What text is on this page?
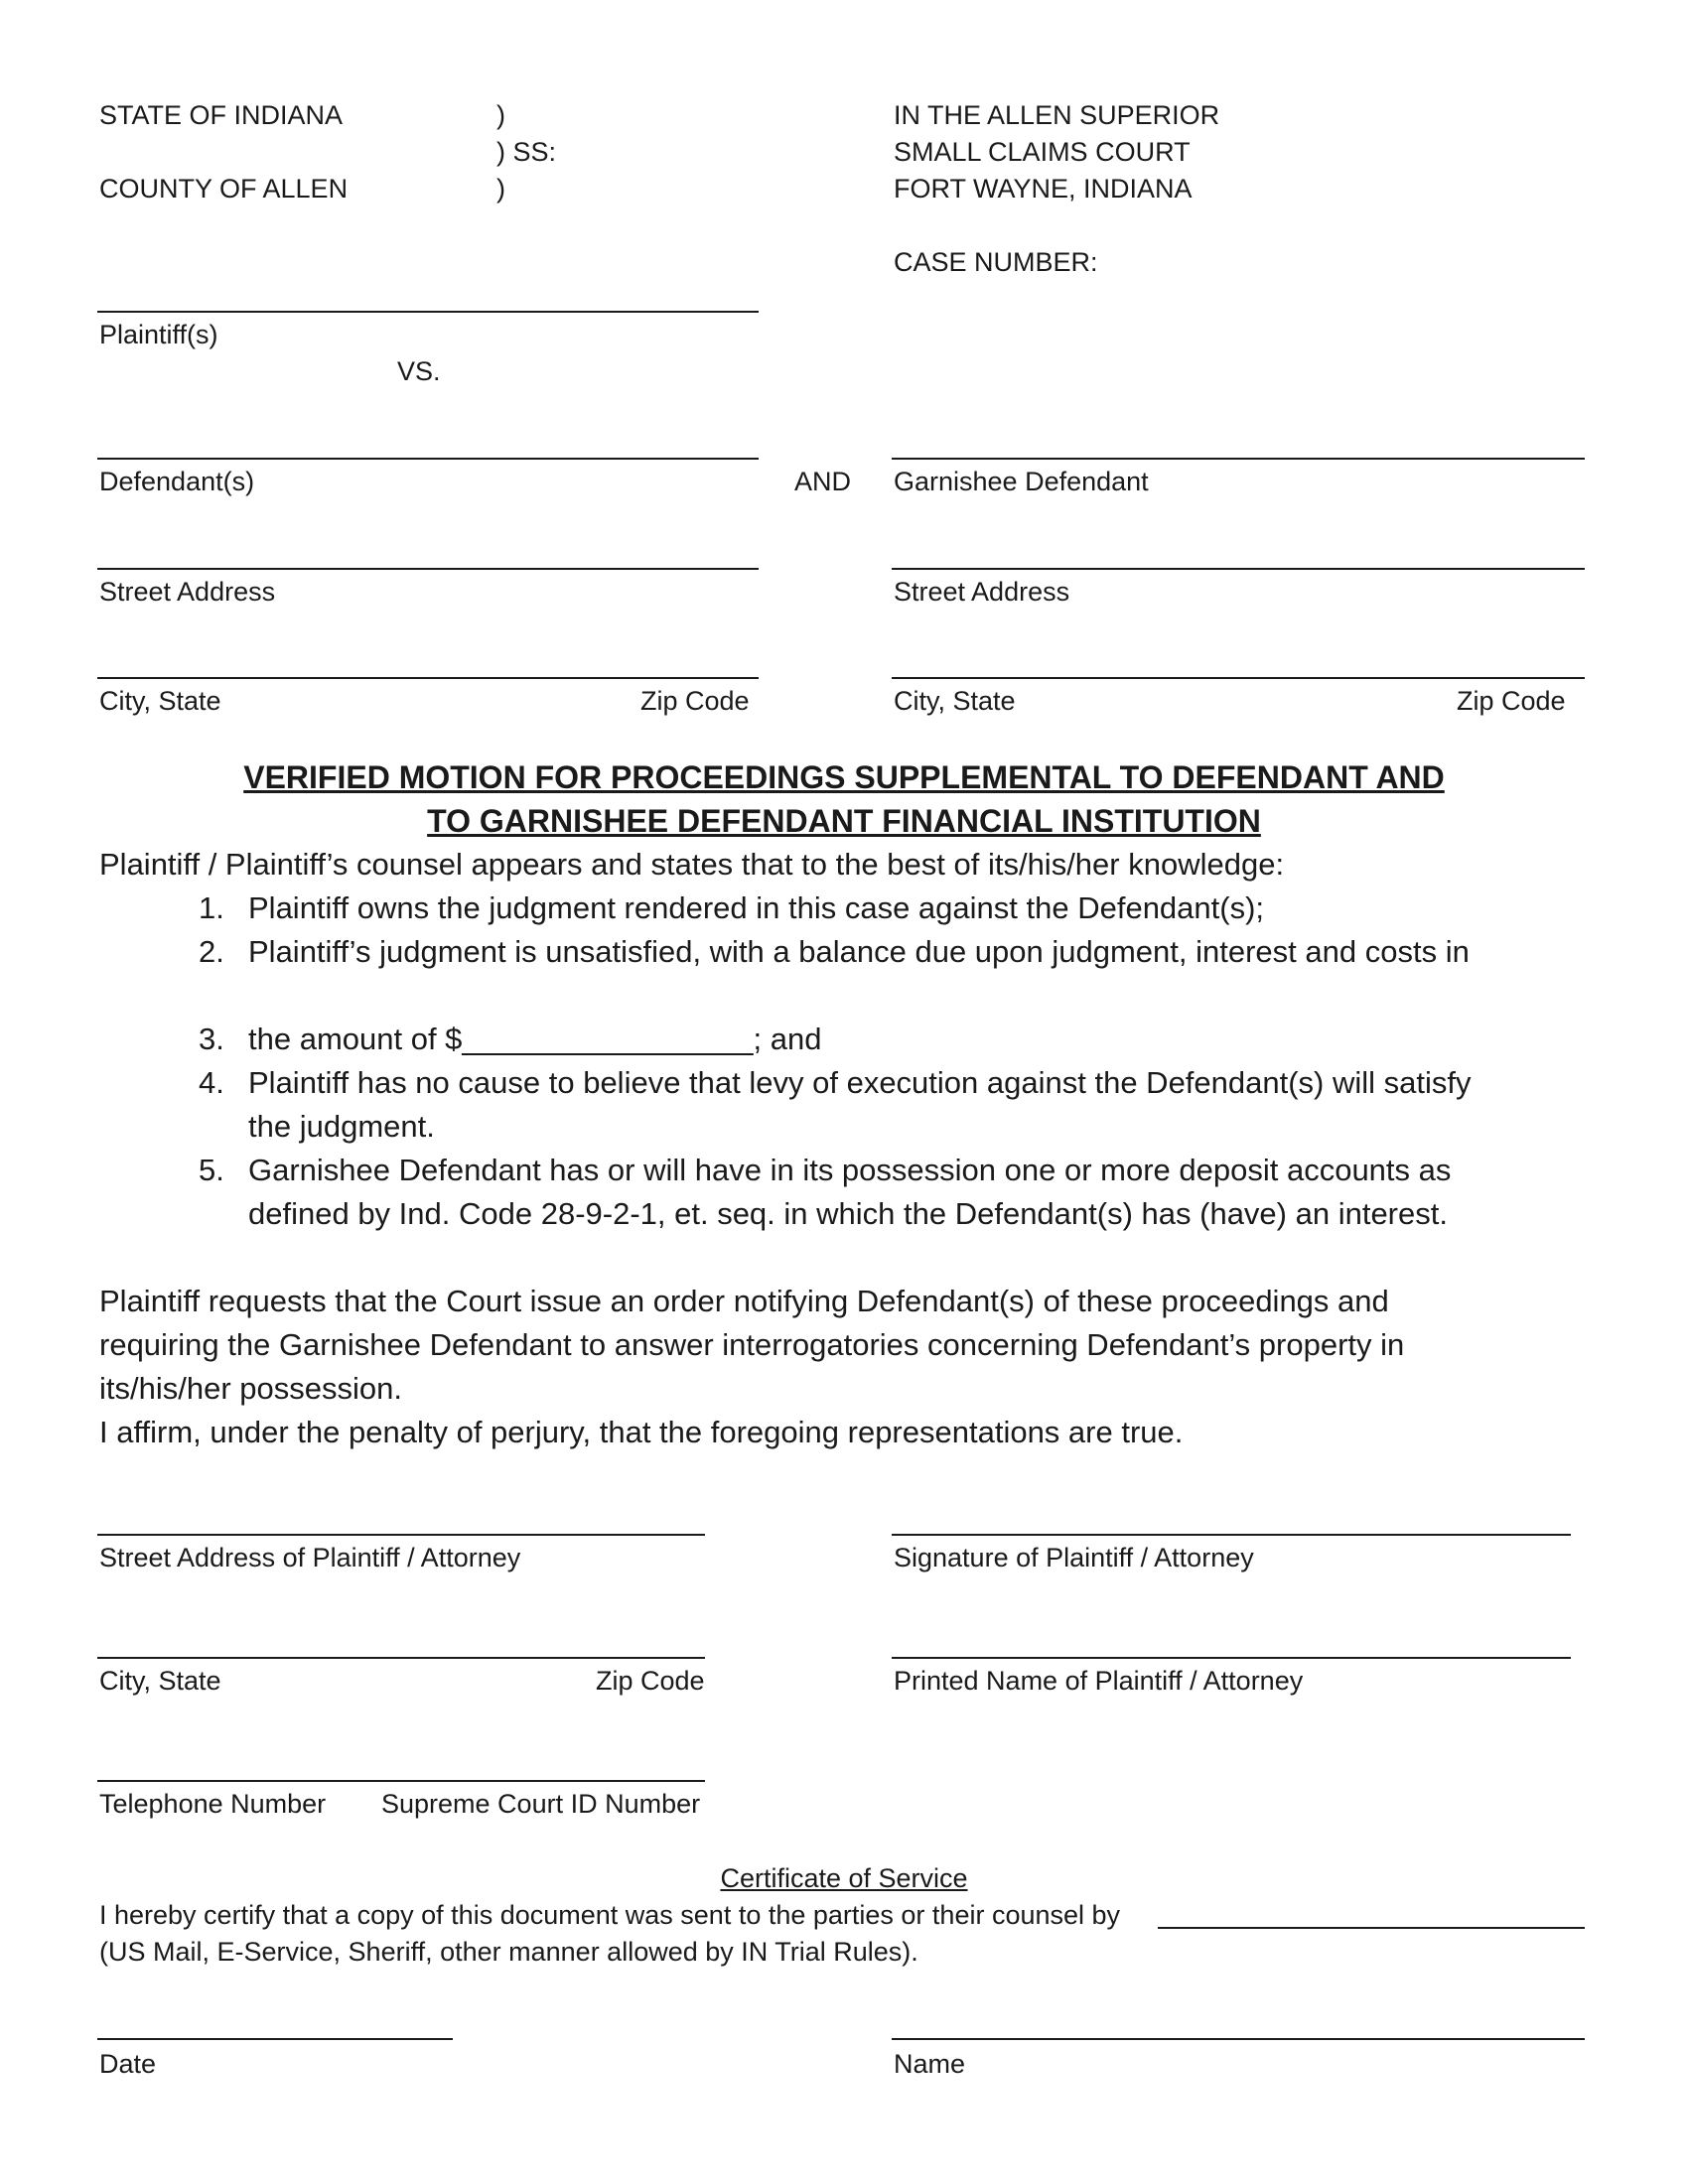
STATE OF INDIANA	)
) SS:
COUNTY OF ALLEN	)
IN THE ALLEN SUPERIOR
SMALL CLAIMS COURT
FORT WAYNE, INDIANA
CASE NUMBER:
Plaintiff(s)
VS.
Defendant(s)	AND Garnishee Defendant
Street Address	Street Address
City, State	Zip Code	City, State	Zip Code
VERIFIED MOTION FOR PROCEEDINGS SUPPLEMENTAL TO DEFENDANT AND
TO GARNISHEE DEFENDANT FINANCIAL INSTITUTION
Plaintiff / Plaintiff’s counsel appears and states that to the best of its/his/her knowledge:
1. Plaintiff owns the judgment rendered in this case against the Defendant(s);
2. Plaintiff’s judgment is unsatisfied, with a balance due upon judgment, interest and costs in
3. the amount of $_________________; and
4. Plaintiff has no cause to believe that levy of execution against the Defendant(s) will satisfy
the judgment.
5. Garnishee Defendant has or will have in its possession one or more deposit accounts as
defined by Ind. Code 28-9-2-1, et. seq. in which the Defendant(s) has (have) an interest.
Plaintiff requests that the Court issue an order notifying Defendant(s) of these proceedings and
requiring the Garnishee Defendant to answer interrogatories concerning Defendant’s property in
its/his/her possession.
I affirm, under the penalty of perjury, that the foregoing representations are true.
Street Address of Plaintiff / Attorney	Signature of Plaintiff / Attorney
City, State	Zip Code	Printed Name of Plaintiff / Attorney
Telephone Number Supreme Court ID Number
Certificate of Service
I hereby certify that a copy of this document was sent to the parties or their counsel by
(US Mail, E-Service, Sheriff, other manner allowed by IN Trial Rules).
Date	Name
